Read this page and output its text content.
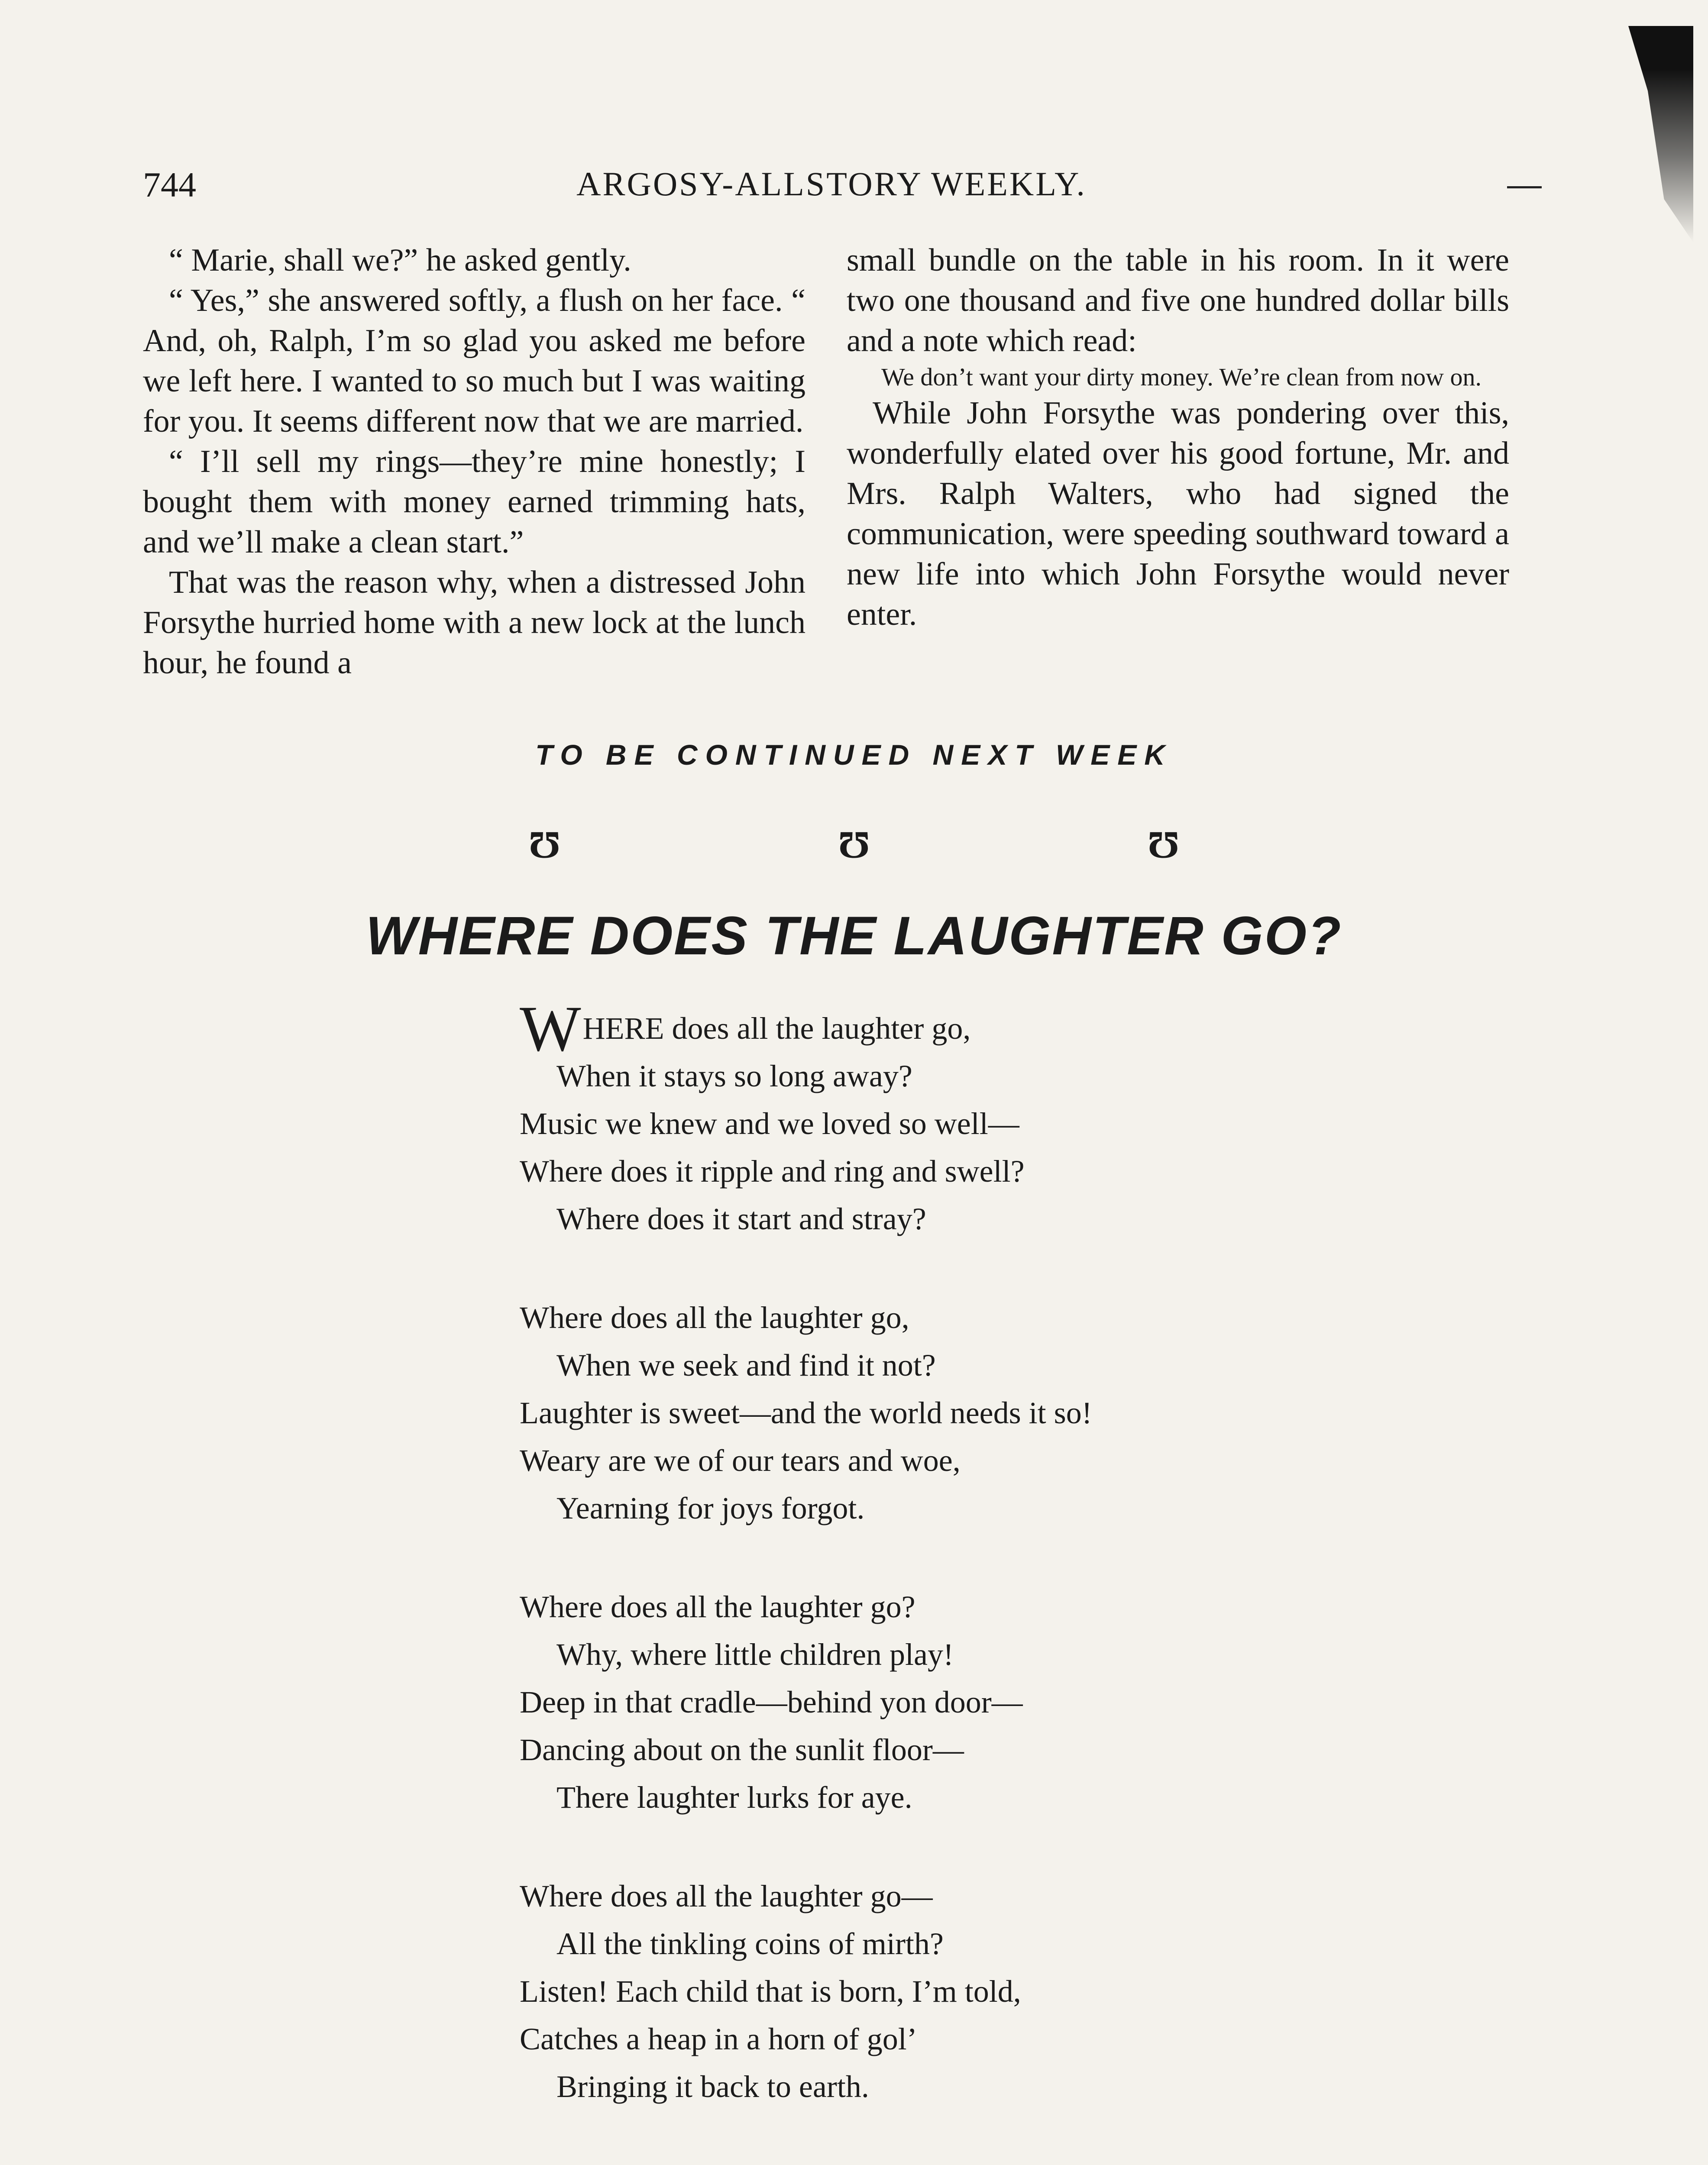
744	ARGOSY-ALLSTORY WEEKLY.

“ Marie, shall we?” he asked gently.

“ Yes,” she answered softly, a flush on her face. “ And, oh, Ralph, I’m so glad you asked me before we left here. I wanted to so much but I was waiting for you. It seems different now that we are married.

“ I’ll sell my rings—they’re mine honestly; I bought them with money earned trimming hats, and we’ll make a clean start.”

That was the reason why, when a distressed John Forsythe hurried home with a new lock at the lunch hour, he found a

small bundle on the table in his room. In it were two one thousand and five one hundred dollar bills and a note which read:

We don’t want your dirty money. We’re clean from now on.

While John Forsythe was pondering over this, wonderfully elated over his good fortune, Mr. and Mrs. Ralph Walters, who had signed the communication, were speeding southward toward a new life into which John Forsythe would never enter.

TO BE CONTINUED NEXT WEEK
Ʊ	Ʊ	Ʊ
WHERE DOES THE LAUGHTER GO?
WHERE does all the laughter go,
When it stays so long away?
Music we knew and we loved so well—
Where does it ripple and ring and swell?
Where does it start and stray?
Where does all the laughter go,
When we seek and find it not?
Laughter is sweet—and the world needs it so!
Weary are we of our tears and woe,
Yearning for joys forgot.
Where does all the laughter go?
Why, where little children play!
Deep in that cradle—behind yon door—
Dancing about on the sunlit floor—
There laughter lurks for aye.
Where does all the laughter go—
All the tinkling coins of mirth?
Listen! Each child that is born, I’m told,
Catches a heap in a horn of gol’
Bringing it back to earth.
